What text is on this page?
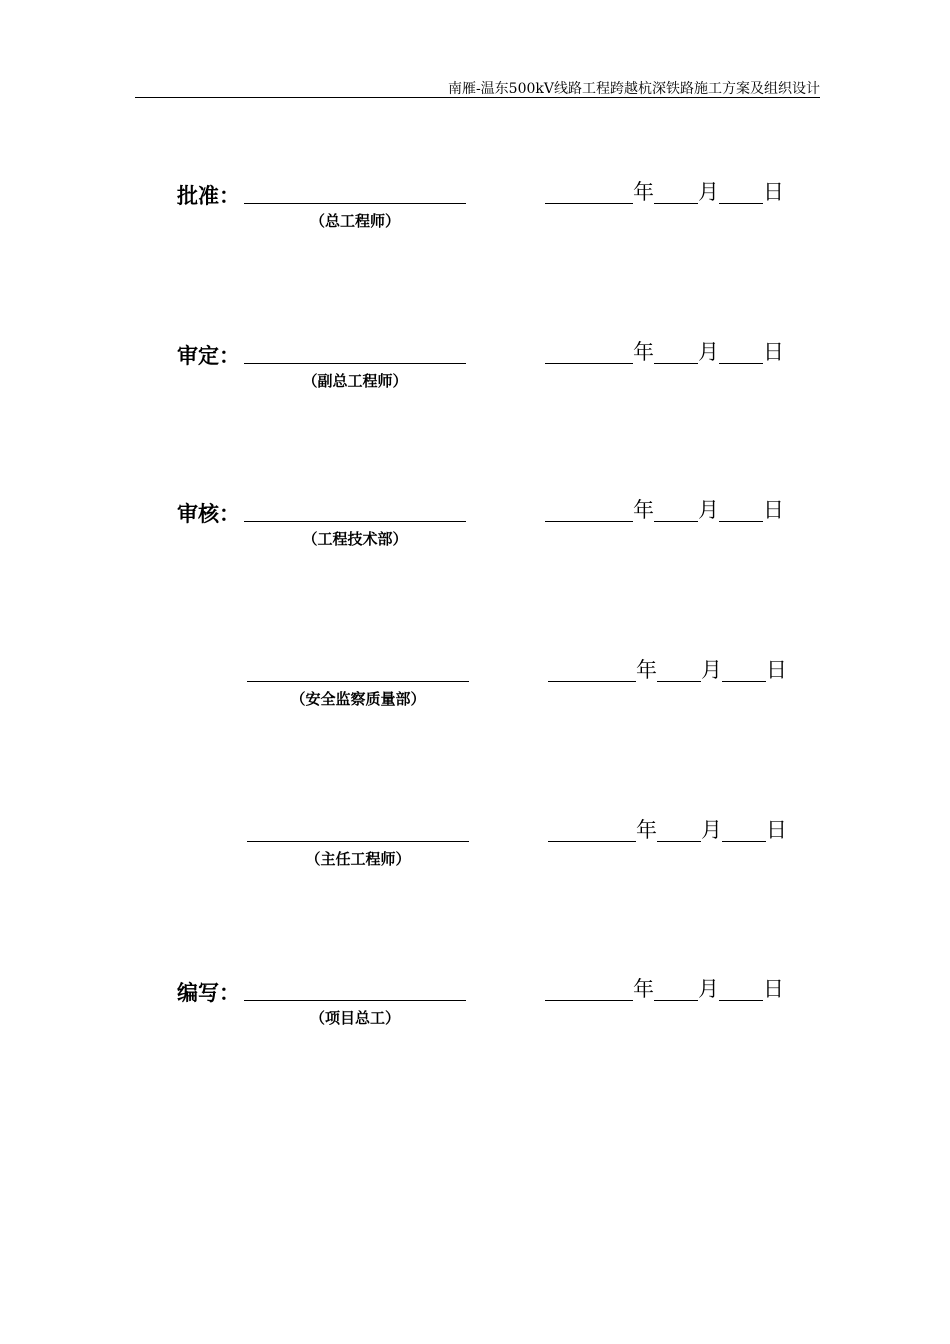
南雁-温东500kV线路工程跨越杭深铁路施工方案及组织设计
批准：
（总工程师）
年 月 日
审定：
（副总工程师）
年 月 日
审核：
（工程技术部）
年 月 日
（安全监察质量部）
年 月 日
（主任工程师）
年 月 日
编写：
（项目总工）
年 月 日
